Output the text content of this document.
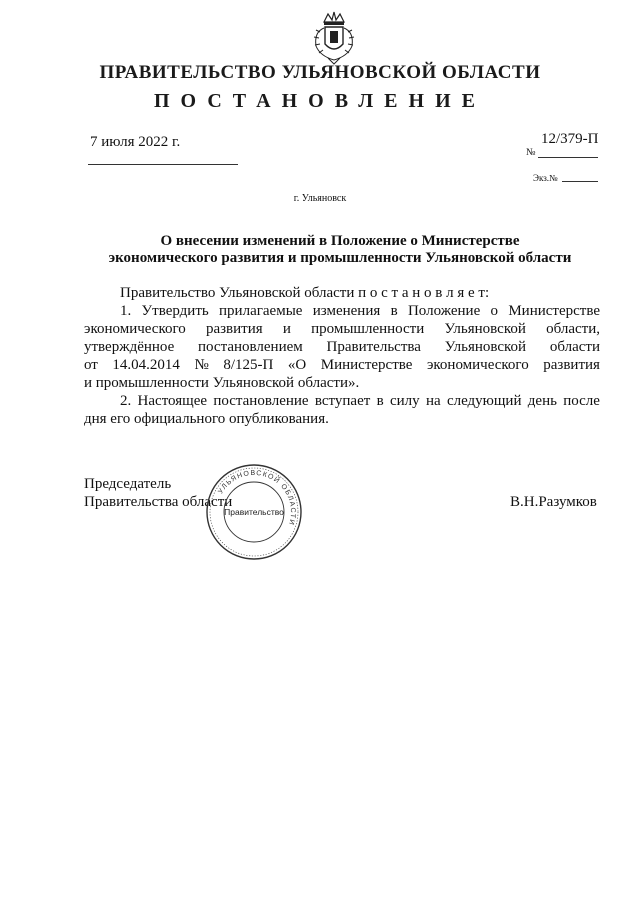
ПРАВИТЕЛЬСТВО УЛЬЯНОВСКОЙ ОБЛАСТИ
ПОСТАНОВЛЕНИЕ
7 июля 2022 г.	12/379-П
№
Экз.№
г. Ульяновск
О внесении изменений в Положение о Министерстве
экономического развития и промышленности Ульяновской области
Правительство Ульяновской области п о с т а н о в л я е т:
1. Утвердить прилагаемые изменения в Положение о Министерстве
экономического развития и промышленности Ульяновской области,
утверждённое постановлением Правительства Ульяновской области
от 14.04.2014 № 8/125-П «О Министерстве экономического развития
и промышленности Ульяновской области».
2. Настоящее постановление вступает в силу на следующий день после
дня его официального опубликования.
Председатель
Правительства области	В.Н.Разумков
УЛЬЯНОВСКОЙ ОБЛАСТИ
Правительство
